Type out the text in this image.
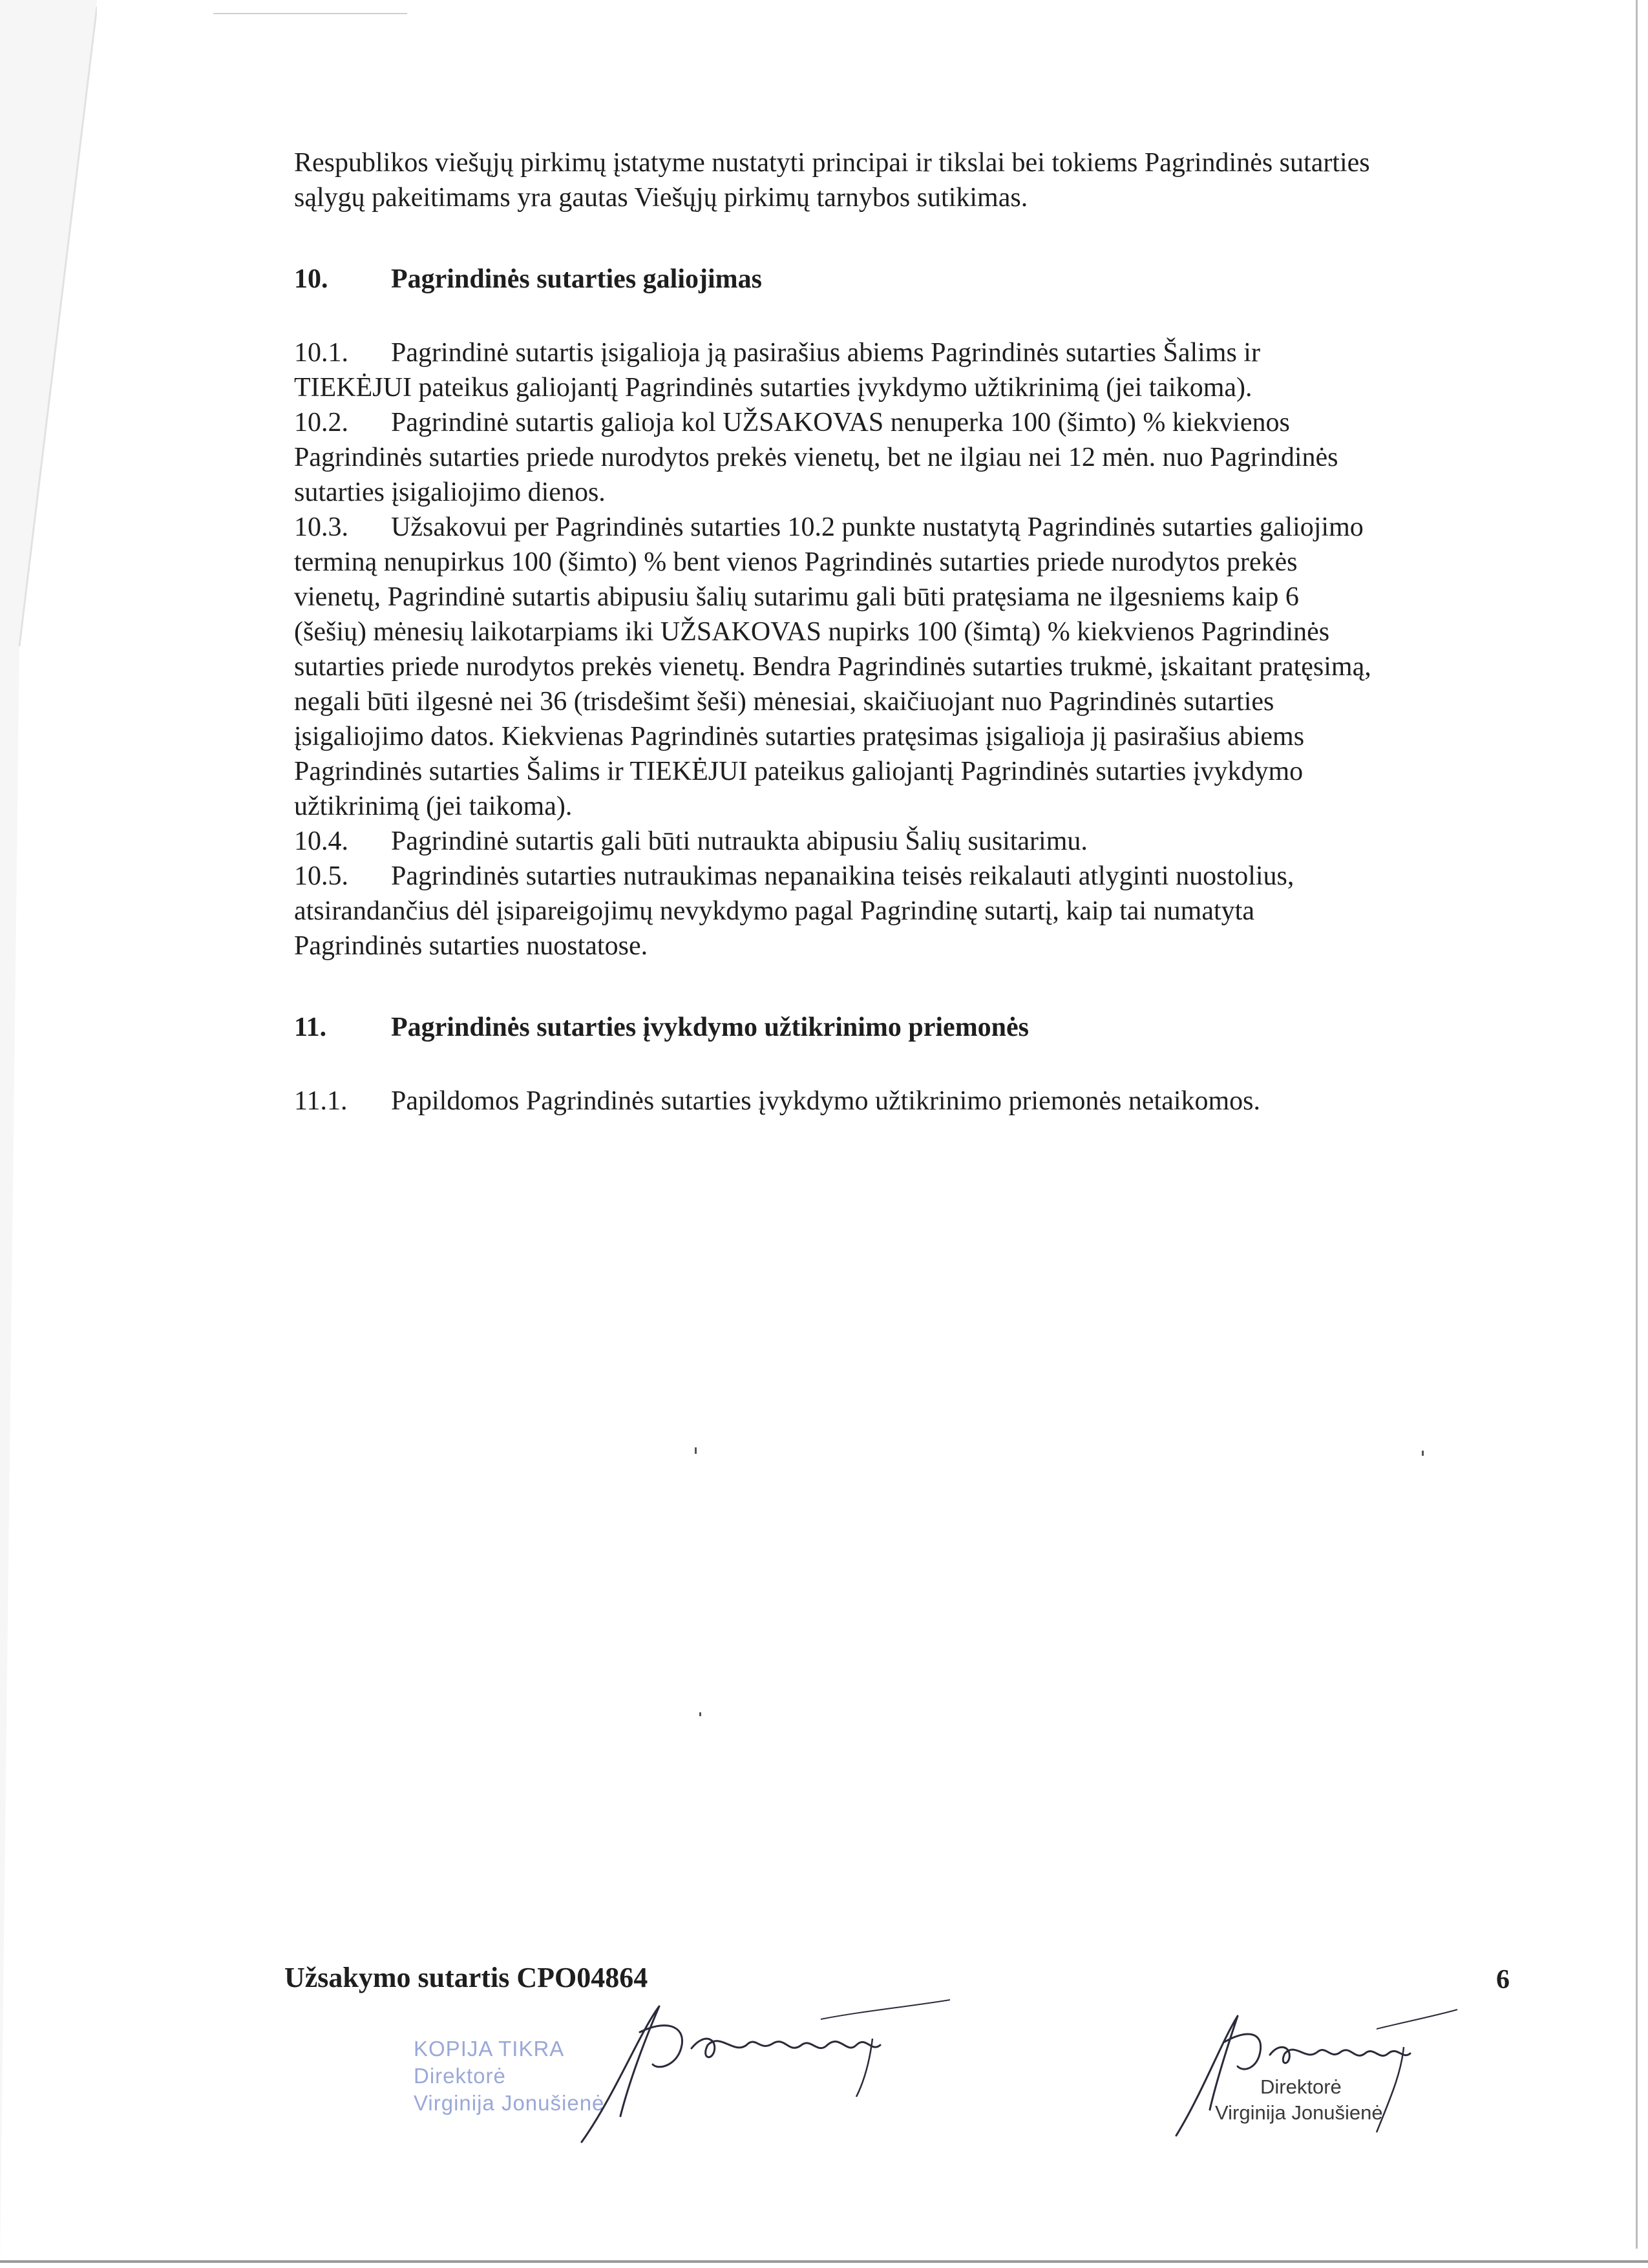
Respublikos viešųjų pirkimų įstatyme nustatyti principai ir tikslai bei tokiems Pagrindinės sutarties
sąlygų pakeitimams yra gautas Viešųjų pirkimų tarnybos sutikimas.

10.	Pagrindinės sutarties galiojimas
10.1. Pagrindinė sutartis įsigalioja ją pasirašius abiems Pagrindinės sutarties Šalims ir
TIEKĖJUI pateikus galiojantį Pagrindinės sutarties įvykdymo užtikrinimą (jei taikoma).
10.2. Pagrindinė sutartis galioja kol UŽSAKOVAS nenuperka 100 (šimto) % kiekvienos
Pagrindinės sutarties priede nurodytos prekės vienetų, bet ne ilgiau nei 12 mėn. nuo Pagrindinės
sutarties įsigaliojimo dienos.
10.3. Užsakovui per Pagrindinės sutarties 10.2 punkte nustatytą Pagrindinės sutarties galiojimo
terminą nenupirkus 100 (šimto) % bent vienos Pagrindinės sutarties priede nurodytos prekės
vienetų, Pagrindinė sutartis abipusiu šalių sutarimu gali būti pratęsiama ne ilgesniems kaip 6
(šešių) mėnesių laikotarpiams iki UŽSAKOVAS nupirks 100 (šimtą) % kiekvienos Pagrindinės
sutarties priede nurodytos prekės vienetų. Bendra Pagrindinės sutarties trukmė, įskaitant pratęsimą,
negali būti ilgesnė nei 36 (trisdešimt šeši) mėnesiai, skaičiuojant nuo Pagrindinės sutarties
įsigaliojimo datos. Kiekvienas Pagrindinės sutarties pratęsimas įsigalioja jį pasirašius abiems
Pagrindinės sutarties Šalims ir TIEKĖJUI pateikus galiojantį Pagrindinės sutarties įvykdymo
užtikrinimą (jei taikoma).
10.4. Pagrindinė sutartis gali būti nutraukta abipusiu Šalių susitarimu.
10.5. Pagrindinės sutarties nutraukimas nepanaikina teisės reikalauti atlyginti nuostolius,
atsirandančius dėl įsipareigojimų nevykdymo pagal Pagrindinę sutartį, kaip tai numatyta
Pagrindinės sutarties nuostatose.
11.	Pagrindinės sutarties įvykdymo užtikrinimo priemonės
11.1. Papildomos Pagrindinės sutarties įvykdymo užtikrinimo priemonės netaikomos.
Užsakymo sutartis CPO04864	6
KOPIJA TIKRA
Direktorė
Virginija Jonušienė
Direktorė
Virginija Jonušienė
